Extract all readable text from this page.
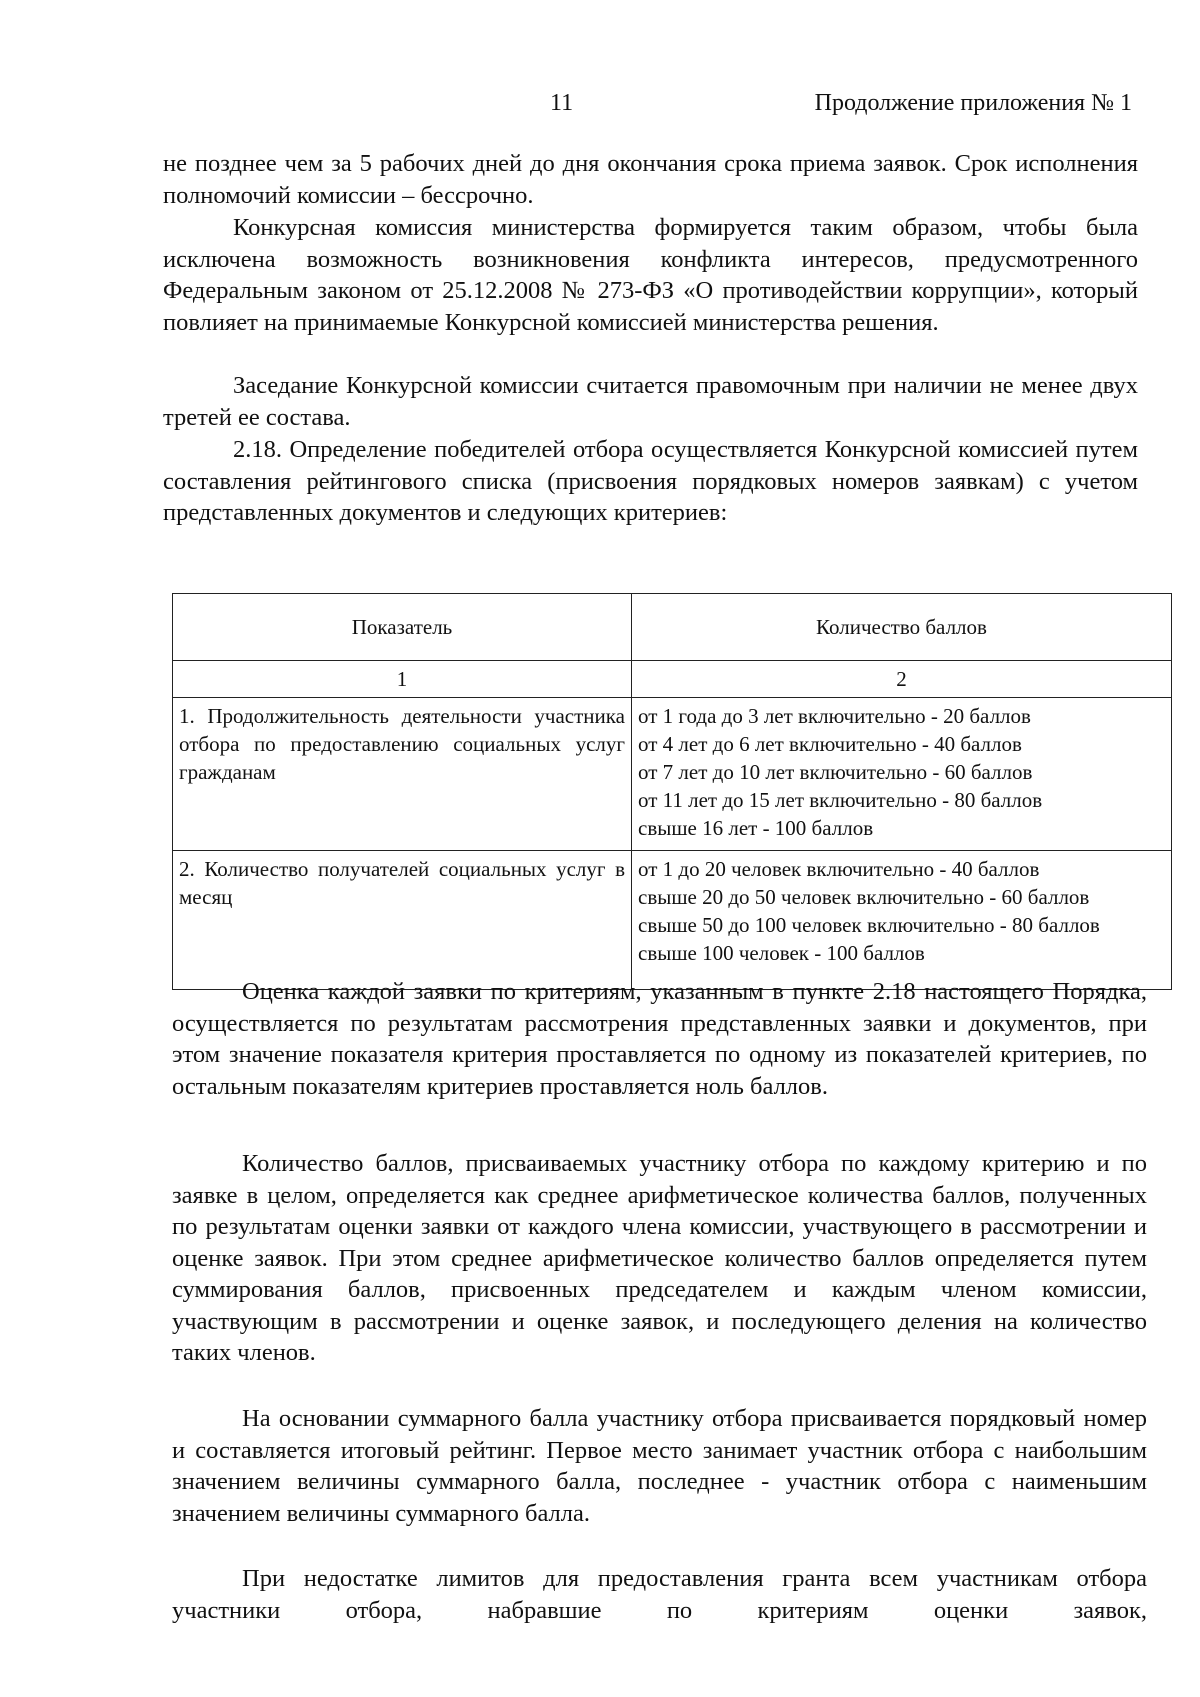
11	Продолжение приложения № 1

не позднее чем за 5 рабочих дней до дня окончания срока приема заявок. Срок исполнения полномочий комиссии – бессрочно.

Конкурсная комиссия министерства формируется таким образом, чтобы была исключена возможность возникновения конфликта интересов, предусмотренного Федеральным законом от 25.12.2008 № 273-ФЗ «О противодействии коррупции», который повлияет на принимаемые Конкурсной комиссией министерства решения.

Заседание Конкурсной комиссии считается правомочным при наличии не менее двух третей ее состава.

2.18. Определение победителей отбора осуществляется Конкурсной комиссией путем составления рейтингового списка (присвоения порядковых номеров заявкам) с учетом представленных документов и следующих критериев:

Показатель	Количество баллов
1	2

1. Продолжительность деятельности участника отбора по предоставлению социальных услуг гражданам	от 1 года до 3 лет включительно - 20 баллов
от 4 лет до 6 лет включительно - 40 баллов
от 7 лет до 10 лет включительно - 60 баллов
от 11 лет до 15 лет включительно - 80 баллов
свыше 16 лет - 100 баллов

2. Количество получателей социальных услуг в месяц	от 1 до 20 человек включительно - 40 баллов
свыше 20 до 50 человек включительно - 60 баллов
свыше 50 до 100 человек включительно - 80 баллов
свыше 100 человек - 100 баллов

Оценка каждой заявки по критериям, указанным в пункте 2.18 настоящего Порядка, осуществляется по результатам рассмотрения представленных заявки и документов, при этом значение показателя критерия проставляется по одному из показателей критериев, по остальным показателям критериев проставляется ноль баллов.

Количество баллов, присваиваемых участнику отбора по каждому критерию и по заявке в целом, определяется как среднее арифметическое количества баллов, полученных по результатам оценки заявки от каждого члена комиссии, участвующего в рассмотрении и оценке заявок. При этом среднее арифметическое количество баллов определяется путем суммирования баллов, присвоенных председателем и каждым членом комиссии, участвующим в рассмотрении и оценке заявок, и последующего деления на количество таких членов.

На основании суммарного балла участнику отбора присваивается порядковый номер и составляется итоговый рейтинг. Первое место занимает участник отбора с наибольшим значением величины суммарного балла, последнее - участник отбора с наименьшим значением величины суммарного балла.

При недостатке лимитов для предоставления гранта всем участникам отбора участники отбора, набравшие по критериям оценки заявок,
